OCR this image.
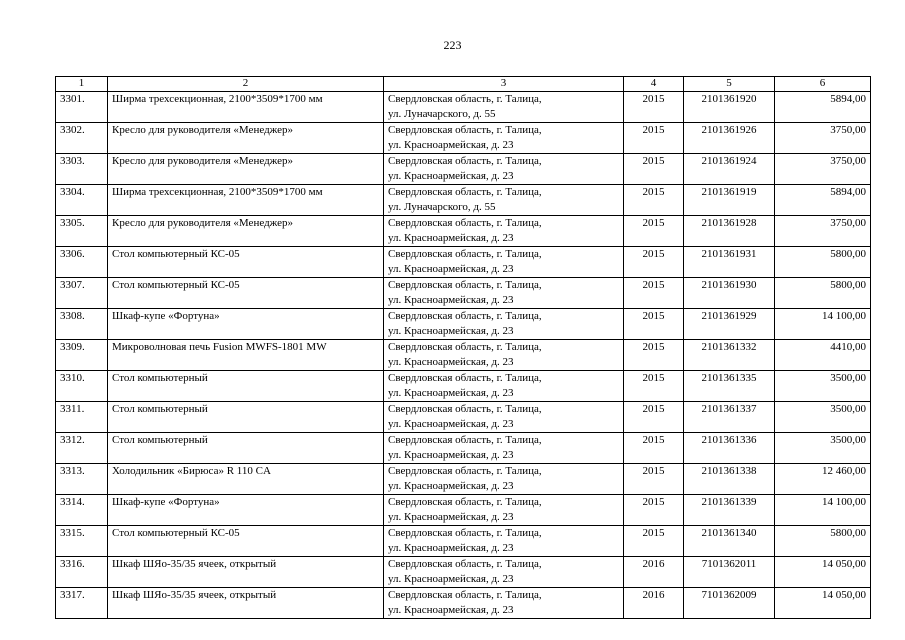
223
1	2	3	4	5	6
3301.	Ширма трехсекционная, 2100*3509*1700 мм	Свердловская область, г. Талица,
ул. Луначарского, д. 55	2015	2101361920	5894,00
3302.	Кресло для руководителя «Менеджер»	Свердловская область, г. Талица,
ул. Красноармейская, д. 23	2015	2101361926	3750,00
3303.	Кресло для руководителя «Менеджер»	Свердловская область, г. Талица,
ул. Красноармейская, д. 23	2015	2101361924	3750,00
3304.	Ширма трехсекционная, 2100*3509*1700 мм	Свердловская область, г. Талица,
ул. Луначарского, д. 55	2015	2101361919	5894,00
3305.	Кресло для руководителя «Менеджер»	Свердловская область, г. Талица,
ул. Красноармейская, д. 23	2015	2101361928	3750,00
3306.	Стол компьютерный КС-05	Свердловская область, г. Талица,
ул. Красноармейская, д. 23	2015	2101361931	5800,00
3307.	Стол компьютерный КС-05	Свердловская область, г. Талица,
ул. Красноармейская, д. 23	2015	2101361930	5800,00
3308.	Шкаф-купе «Фортуна»	Свердловская область, г. Талица,
ул. Красноармейская, д. 23	2015	2101361929	14 100,00
3309.	Микроволновая печь Fusion MWFS-1801 MW	Свердловская область, г. Талица,
ул. Красноармейская, д. 23	2015	2101361332	4410,00
3310.	Стол компьютерный	Свердловская область, г. Талица,
ул. Красноармейская, д. 23	2015	2101361335	3500,00
3311.	Стол компьютерный	Свердловская область, г. Талица,
ул. Красноармейская, д. 23	2015	2101361337	3500,00
3312.	Стол компьютерный	Свердловская область, г. Талица,
ул. Красноармейская, д. 23	2015	2101361336	3500,00
3313.	Холодильник «Бирюса» R 110 CA	Свердловская область, г. Талица,
ул. Красноармейская, д. 23	2015	2101361338	12 460,00
3314.	Шкаф-купе «Фортуна»	Свердловская область, г. Талица,
ул. Красноармейская, д. 23	2015	2101361339	14 100,00
3315.	Стол компьютерный КС-05	Свердловская область, г. Талица,
ул. Красноармейская, д. 23	2015	2101361340	5800,00
3316.	Шкаф ШЯо-35/35 ячеек, открытый	Свердловская область, г. Талица,
ул. Красноармейская, д. 23	2016	7101362011	14 050,00
3317.	Шкаф ШЯо-35/35 ячеек, открытый	Свердловская область, г. Талица,
ул. Красноармейская, д. 23	2016	7101362009	14 050,00
